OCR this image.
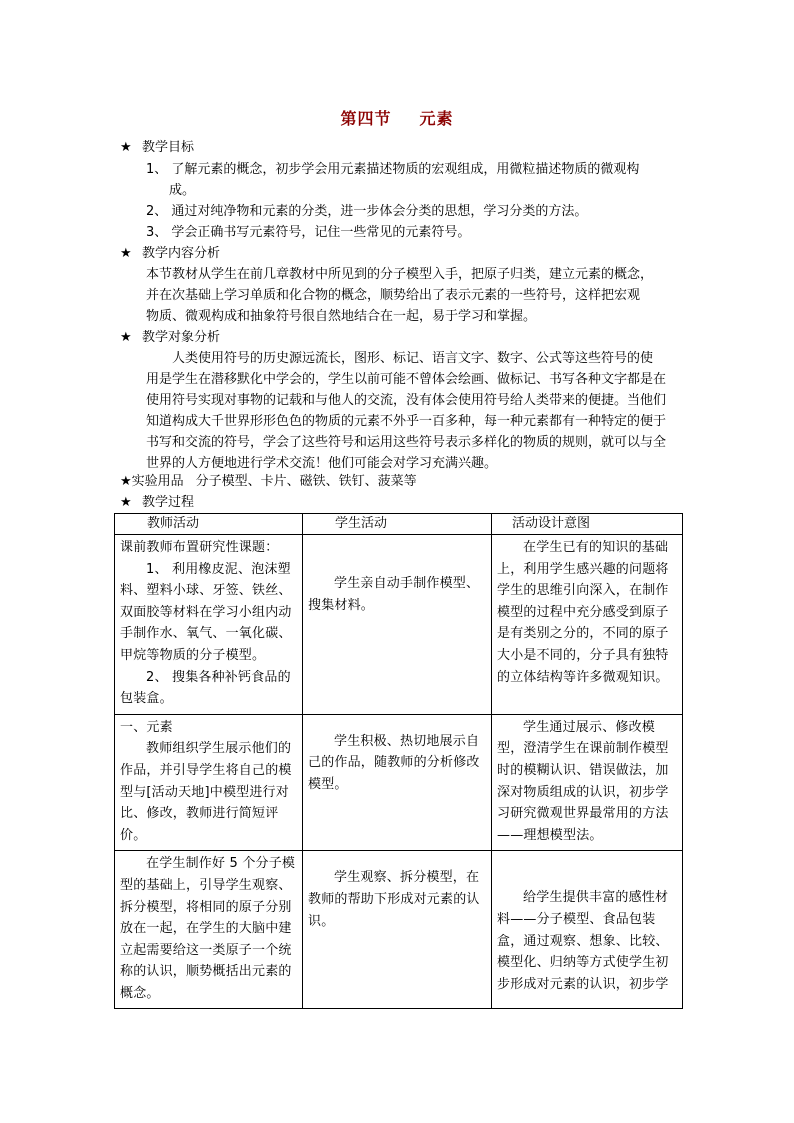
第四节 元素
★ 教学目标
1、 了解元素的概念，初步学会用元素描述物质的宏观组成，用微粒描述物质的微观构
成。
2、 通过对纯净物和元素的分类，进一步体会分类的思想，学习分类的方法。
3、 学会正确书写元素符号，记住一些常见的元素符号。
★ 教学内容分析
本节教材从学生在前几章教材中所见到的分子模型入手，把原子归类，建立元素的概念，
并在次基础上学习单质和化合物的概念，顺势给出了表示元素的一些符号，这样把宏观
物质、微观构成和抽象符号很自然地结合在一起，易于学习和掌握。
★ 教学对象分析
人类使用符号的历史源远流长，图形、标记、语言文字、数字、公式等这些符号的使
用是学生在潜移默化中学会的，学生以前可能不曾体会绘画、做标记、书写各种文字都是在
使用符号实现对事物的记载和与他人的交流，没有体会使用符号给人类带来的便捷。当他们
知道构成大千世界形形色色的物质的元素不外乎一百多种，每一种元素都有一种特定的便于
书写和交流的符号，学会了这些符号和运用这些符号表示多样化的物质的规则，就可以与全
世界的人方便地进行学术交流！他们可能会对学习充满兴趣。
★实验用品 分子模型、卡片、磁铁、铁钉、菠菜等
★ 教学过程
教师活动	学生活动	活动设计意图

课前教师布置研究性课题：
1、 利用橡皮泥、泡沫塑料、塑料小球、牙签、铁丝、双面胶等材料在学习小组内动手制作水、氧气、一氧化碳、甲烷等物质的分子模型。
2、 搜集各种补钙食品的包装盒。	学生亲自动手制作模型、搜集材料。	在学生已有的知识的基础上，利用学生感兴趣的问题将学生的思维引向深入，在制作模型的过程中充分感受到原子是有类别之分的，不同的原子大小是不同的，分子具有独特的立体结构等许多微观知识。

一、元素
教师组织学生展示他们的作品，并引导学生将自己的模型与[活动天地]中模型进行对比、修改，教师进行简短评价。	学生积极、热切地展示自己的作品，随教师的分析修改模型。	学生通过展示、修改模型，澄清学生在课前制作模型时的模糊认识、错误做法，加深对物质组成的认识，初步学习研究微观世界最常用的方法——理想模型法。

在学生制作好 5 个分子模型的基础上，引导学生观察、拆分模型，将相同的原子分别放在一起，在学生的大脑中建立起需要给这一类原子一个统称的认识，顺势概括出元素的概念。	学生观察、拆分模型，在教师的帮助下形成对元素的认识。	给学生提供丰富的感性材料——分子模型、食品包装盒，通过观察、想象、比较、模型化、归纳等方式使学生初步形成对元素的认识，初步学
